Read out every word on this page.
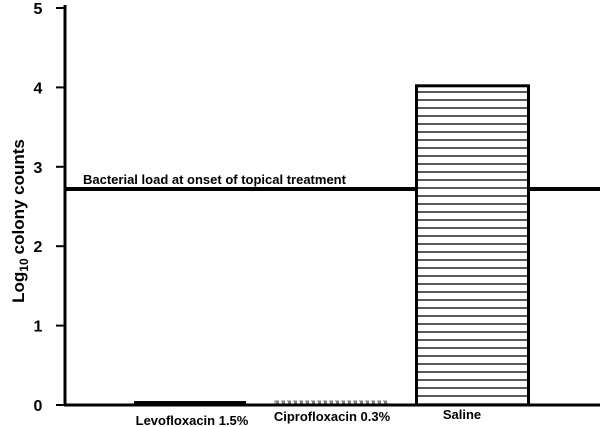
Log$_{10}$colony counts
0
1
2
3
4
5
Bacterial load at onset of topical treatment
Levofloxacin 1.5% Ciprofloxacin 0.3%	Saline
